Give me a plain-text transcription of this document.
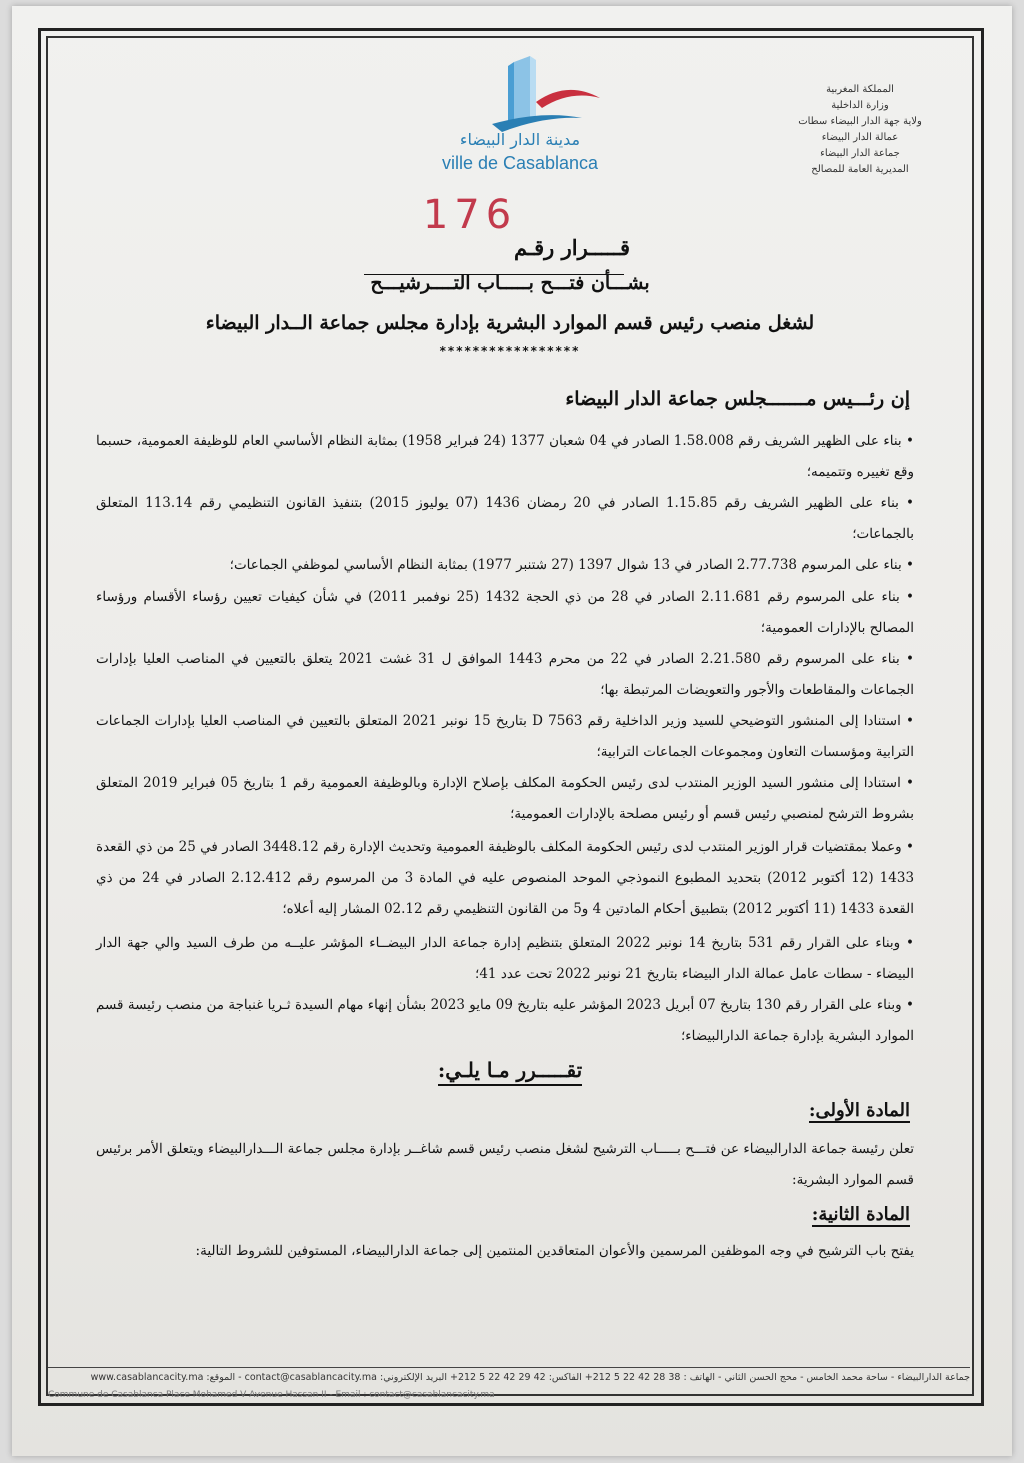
مدينة الدار البيضاء
ville de Casablanca
المملكة المغربية
وزارة الداخلية
ولاية جهة الدار البيضاء سطات
عمالة الدار البيضاء
جماعة الدار البيضاء
المديرية العامة للمصالح
176
قـــــرار رقـم
بشـــأن فتـــح بـــــاب التــــرشيـــح
لشغل منصب رئيس قسم الموارد البشرية بإدارة مجلس جماعة الــدار البيضاء
*****************
إن رئـــيس مـــــــجلس جماعة الدار البيضاء
• بناء على الظهير الشريف رقم 1.58.008 الصادر في 04 شعبان 1377 (24 فبراير 1958) بمثابة النظام الأساسي العام للوظيفة العمومية، حسبما وقع تغييره وتتميمه؛
• بناء على الظهير الشريف رقم 1.15.85 الصادر في 20 رمضان 1436 (07 يوليوز 2015) بتنفيذ القانون التنظيمي رقم 113.14 المتعلق بالجماعات؛
• بناء على المرسوم 2.77.738 الصادر في 13 شوال 1397 (27 شتنبر 1977) بمثابة النظام الأساسي لموظفي الجماعات؛
• بناء على المرسوم رقم 2.11.681 الصادر في 28 من ذي الحجة 1432 (25 نوفمبر 2011) في شأن كيفيات تعيين رؤساء الأقسام ورؤساء المصالح بالإدارات العمومية؛
• بناء على المرسوم رقم 2.21.580 الصادر في 22 من محرم 1443 الموافق ل 31 غشت 2021 يتعلق بالتعيين في المناصب العليا بإدارات الجماعات والمقاطعات والأجور والتعويضات المرتبطة بها؛
• استنادا إلى المنشور التوضيحي للسيد وزير الداخلية رقم D 7563 بتاريخ 15 نونبر 2021 المتعلق بالتعيين في المناصب العليا بإدارات الجماعات الترابية ومؤسسات التعاون ومجموعات الجماعات الترابية؛
• استنادا إلى منشور السيد الوزير المنتدب لدى رئيس الحكومة المكلف بإصلاح الإدارة وبالوظيفة العمومية رقم 1 بتاريخ 05 فبراير 2019 المتعلق بشروط الترشح لمنصبي رئيس قسم أو رئيس مصلحة بالإدارات العمومية؛
• وعملا بمقتضيات قرار الوزير المنتدب لدى رئيس الحكومة المكلف بالوظيفة العمومية وتحديث الإدارة رقم 3448.12 الصادر في 25 من ذي القعدة 1433 (12 أكتوبر 2012) بتحديد المطبوع النموذجي الموحد المنصوص عليه في المادة 3 من المرسوم رقم 2.12.412 الصادر في 24 من ذي القعدة 1433 (11 أكتوبر 2012) بتطبيق أحكام المادتين 4 و5 من القانون التنظيمي رقم 02.12 المشار إليه أعلاه؛
• وبناء على القرار رقم 531 بتاريخ 14 نونبر 2022 المتعلق بتنظيم إدارة جماعة الدار البيضــاء المؤشر عليــه من طرف السيد والي جهة الدار البيضاء - سطات عامل عمالة الدار البيضاء بتاريخ 21 نونبر 2022 تحت عدد 41؛
• وبناء على القرار رقم 130 بتاريخ 07 أبريل 2023 المؤشر عليه بتاريخ 09 مايو 2023 بشأن إنهاء مهام السيدة ثـريا غنباجة من منصب رئيسة قسم الموارد البشرية بإدارة جماعة الدارالبيضاء؛
تقـــــرر مـا يلـي:
المادة الأولى:
تعلن رئيسة جماعة الدارالبيضاء عن فتـــح بـــــاب الترشيح لشغل منصب رئيس قسم شاغــر بإدارة مجلس جماعة الـــدارالبيضاء ويتعلق الأمر برئيس قسم الموارد البشرية:
المادة الثانية:
يفتح باب الترشيح في وجه الموظفين المرسمين والأعوان المتعاقدين المنتمين إلى جماعة الدارالبيضاء، المستوفين للشروط التالية:
جماعة الدارالبيضاء - ساحة محمد الخامس - محج الحسن الثاني - الهاتف : 38 28 42 22 5 212+ الفاكس: 42 29 42 22 5 212+ البريد الإلكتروني: contact@casablancacity.ma - الموقع: www.casablancacity.ma
Commune de Casablanca Place Mohamed V Avenue Hassan II - Email : contact@casablancacity.ma
